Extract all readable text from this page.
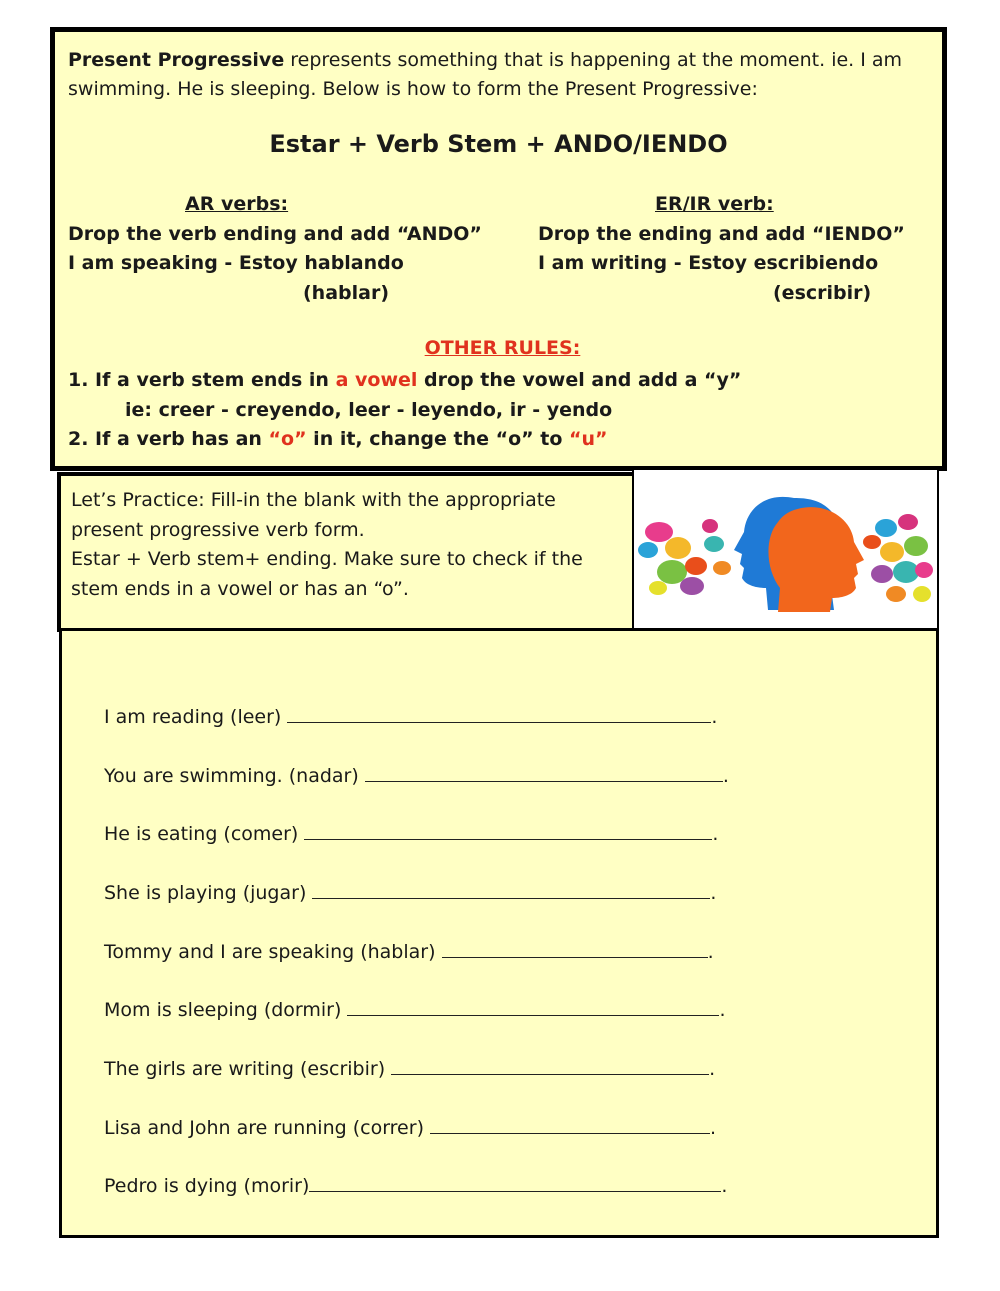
Present Progressive represents something that is happening at the moment. ie. I am
swimming. He is sleeping. Below is how to form the Present Progressive:
Estar + Verb Stem + ANDO/IENDO
AR verbs:
Drop the verb ending and add “ANDO”
I am speaking - Estoy hablando
(hablar)
ER/IR verb:
Drop the ending and add “IENDO”
I am writing - Estoy escribiendo
(escribir)
OTHER RULES:
1. If a verb stem ends in a vowel drop the vowel and add a “y”
ie: creer - creyendo, leer - leyendo, ir - yendo
2. If a verb has an “o” in it, change the “o” to “u”
Let’s Practice: Fill-in the blank with the appropriate
present progressive verb form.
Estar + Verb stem+ ending. Make sure to check if the
stem ends in a vowel or has an “o”.
I am reading (leer)	.
You are swimming. (nadar)	.
He is eating (comer)	.
She is playing (jugar)	.
Tommy and I are speaking (hablar)	.
Mom is sleeping (dormir)	.
The girls are writing (escribir)	.
Lisa and John are running (correr)	.
Pedro is dying (morir)	.
